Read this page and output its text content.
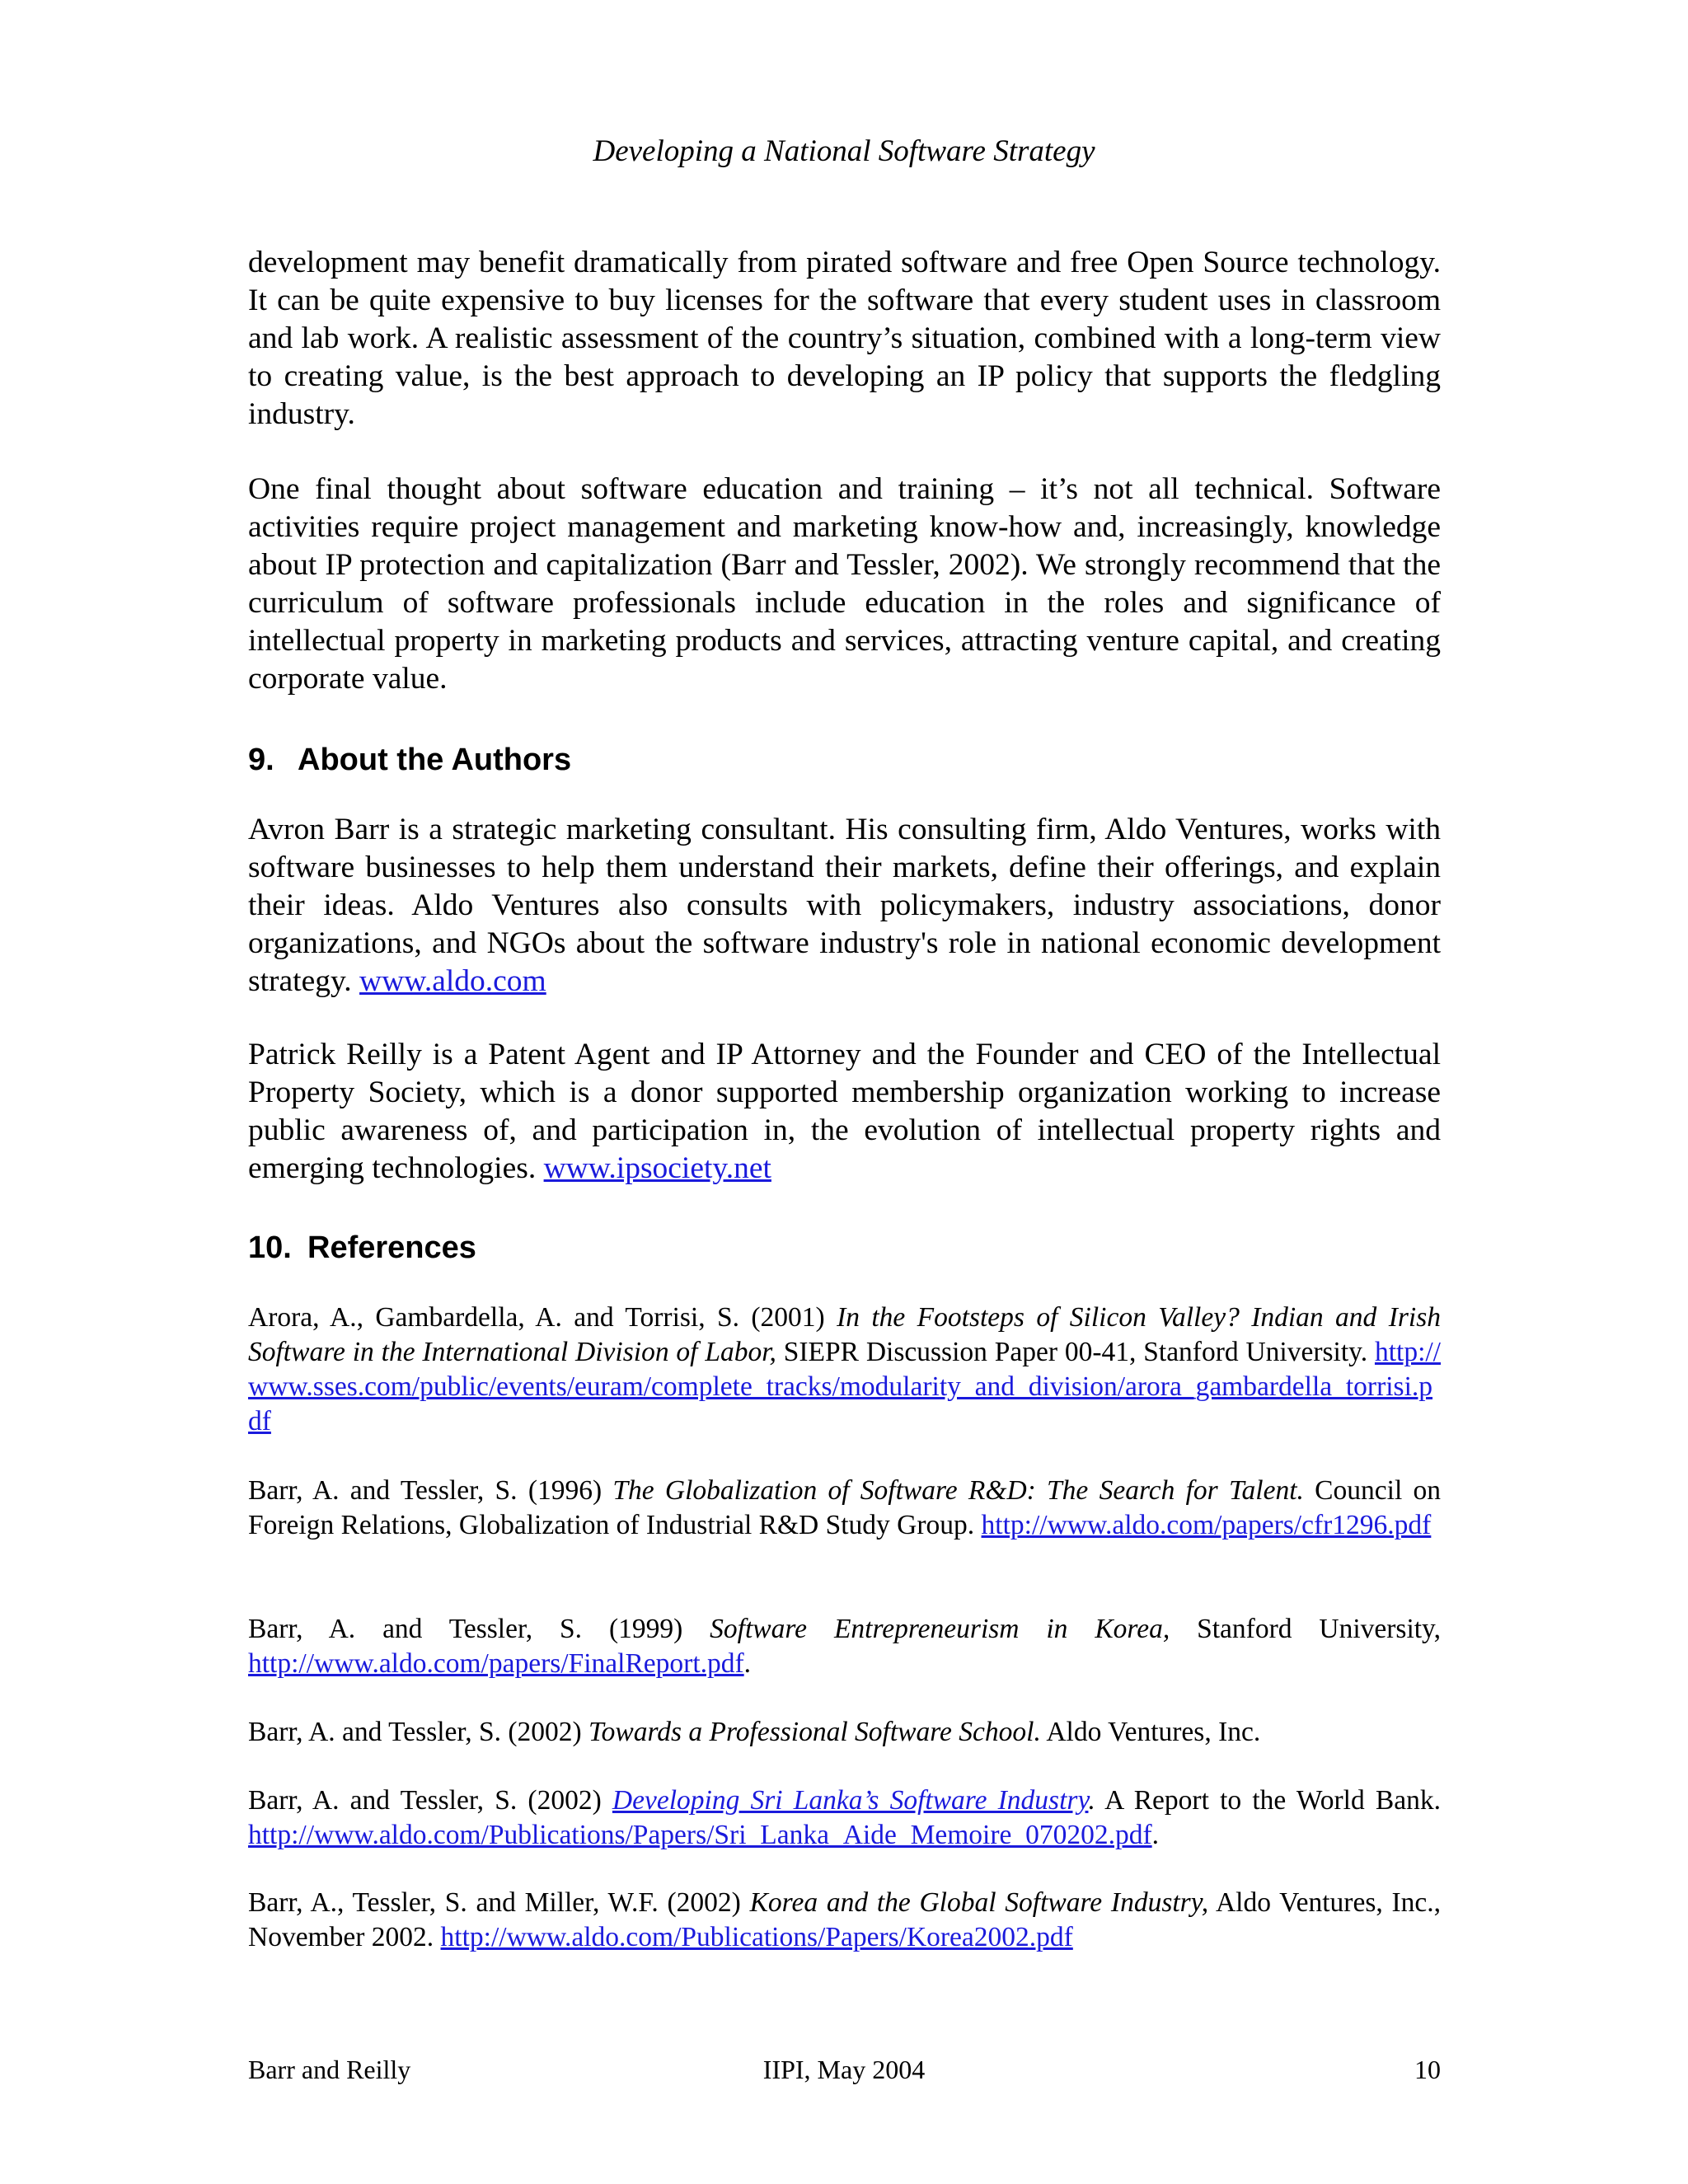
Developing a National Software Strategy

development may benefit dramatically from pirated software and free Open Source technology. It can be quite expensive to buy licenses for the software that every student uses in classroom and lab work. A realistic assessment of the country’s situation, combined with a long-term view to creating value, is the best approach to developing an IP policy that supports the fledgling industry.

One final thought about software education and training – it’s not all technical. Software activities require project management and marketing know-how and, increasingly, knowledge about IP protection and capitalization (Barr and Tessler, 2002). We strongly recommend that the curriculum of software professionals include education in the roles and significance of intellectual property in marketing products and services, attracting venture capital, and creating corporate value.

9. About the Authors

Avron Barr is a strategic marketing consultant. His consulting firm, Aldo Ventures, works with software businesses to help them understand their markets, define their offerings, and explain their ideas. Aldo Ventures also consults with policymakers, industry associations, donor organizations, and NGOs about the software industry's role in national economic development strategy. www.aldo.com

Patrick Reilly is a Patent Agent and IP Attorney and the Founder and CEO of the Intellectual Property Society, which is a donor supported membership organization working to increase public awareness of, and participation in, the evolution of intellectual property rights and emerging technologies. www.ipsociety.net

10. References

Arora, A., Gambardella, A. and Torrisi, S. (2001) In the Footsteps of Silicon Valley? Indian and Irish Software in the International Division of Labor, SIEPR Discussion Paper 00-41, Stanford University. http://www.sses.com/public/events/euram/complete_tracks/modularity_and_division/arora_gambardella_torrisi.pdf

Barr, A. and Tessler, S. (1996) The Globalization of Software R&D: The Search for Talent. Council on Foreign Relations, Globalization of Industrial R&D Study Group. http://www.aldo.com/papers/cfr1296.pdf

Barr, A. and Tessler, S. (1999) Software Entrepreneurism in Korea, Stanford University, http://www.aldo.com/papers/FinalReport.pdf.

Barr, A. and Tessler, S. (2002) Towards a Professional Software School. Aldo Ventures, Inc.

Barr, A. and Tessler, S. (2002) Developing Sri Lanka’s Software Industry. A Report to the World Bank. http://www.aldo.com/Publications/Papers/Sri_Lanka_Aide_Memoire_070202.pdf.

Barr, A., Tessler, S. and Miller, W.F. (2002) Korea and the Global Software Industry, Aldo Ventures, Inc., November 2002. http://www.aldo.com/Publications/Papers/Korea2002.pdf

Barr and Reilly	IIPI, May 2004	10
